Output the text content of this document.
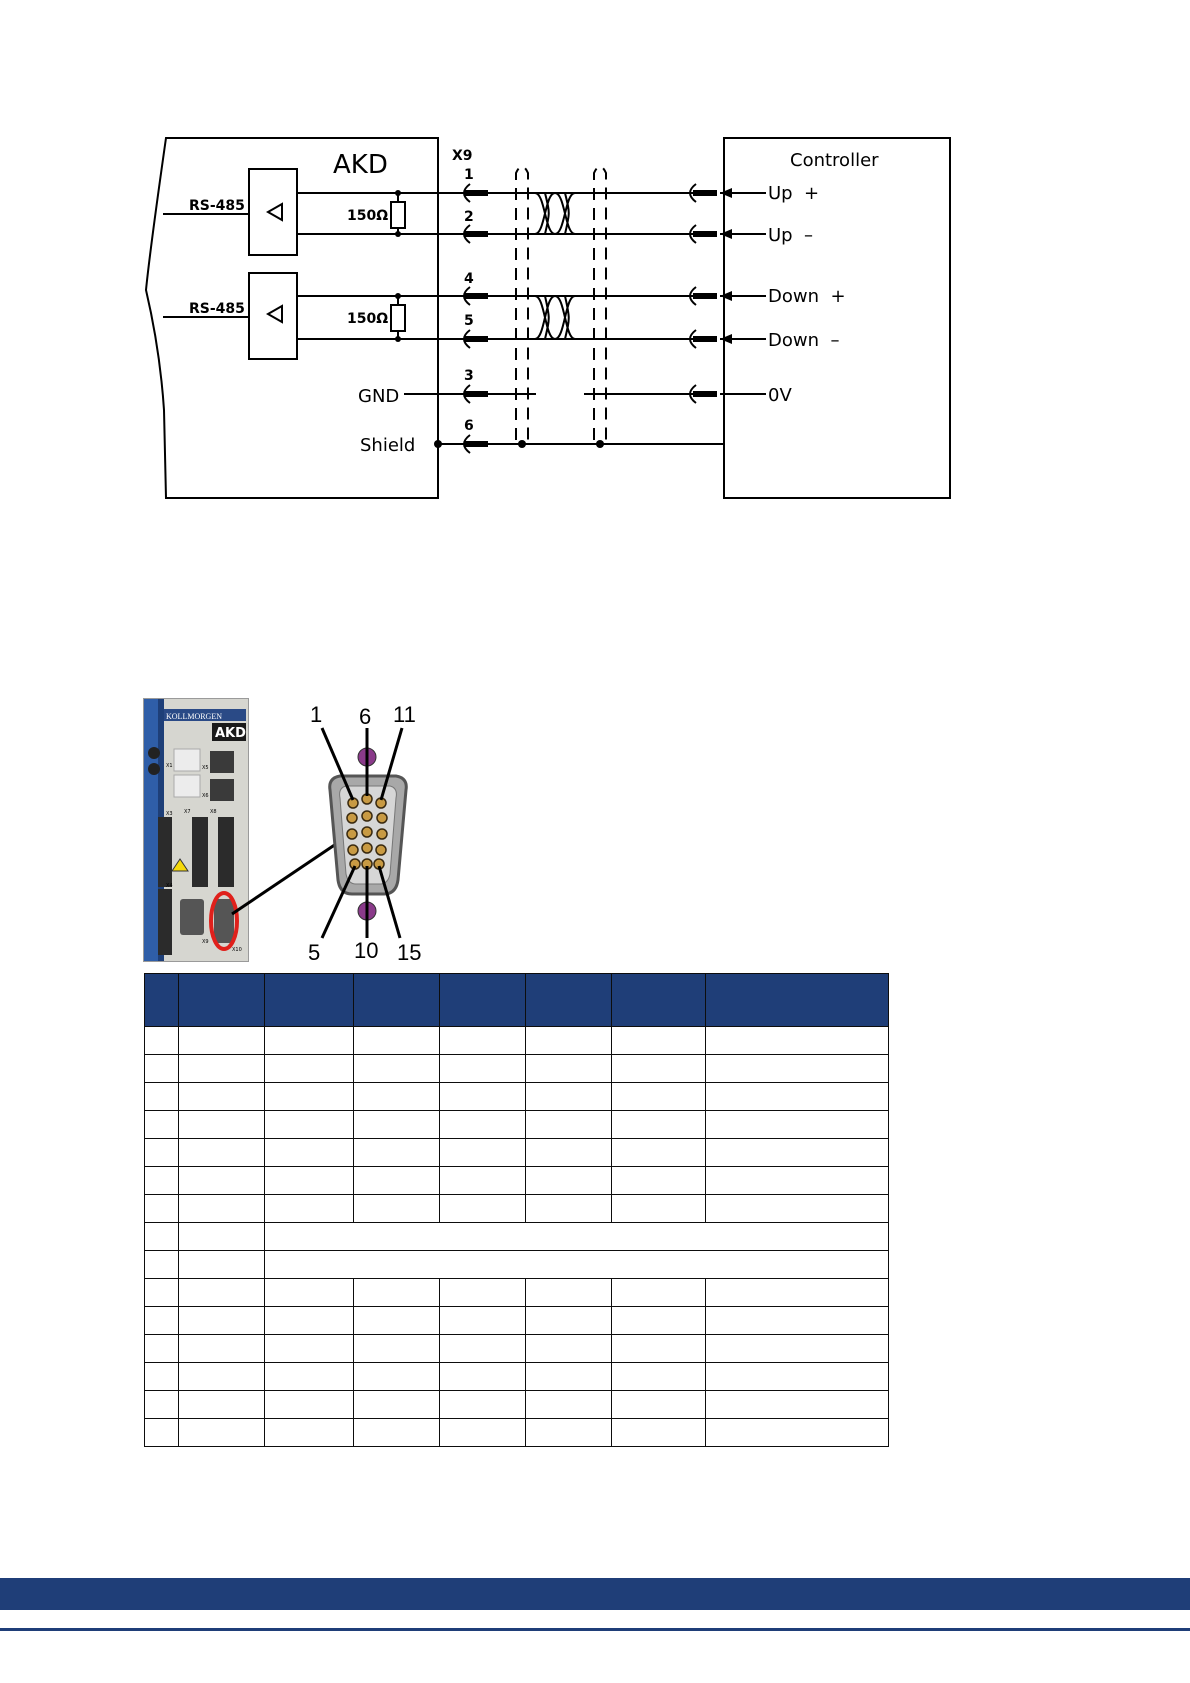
AKD	X9	Controller
RS-485
RS-485
150Ω
150Ω
GND
Shield
1
2
4
5
3
6
Up  +
Up  –
Down  +
Down  –
0V
KOLLMORGEN
AKD
X1	X5
X6
X7	X8
X3
X4
X9
X10
1 6 11
5 10 15
